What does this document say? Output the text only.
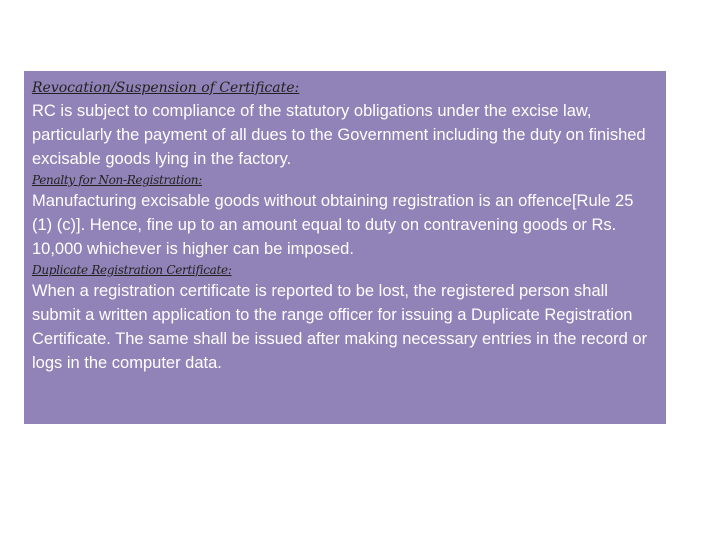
Revocation/Suspension of Certificate:

RC is subject to compliance of the statutory obligations under the excise law, particularly the payment of all dues to the Government including the duty on finished excisable goods lying in the factory.

Penalty for Non-Registration:

Manufacturing excisable goods without obtaining registration is an offence[Rule 25 (1) (c)]. Hence, fine up to an amount equal to duty on contravening goods or Rs. 10,000 whichever is higher can be imposed.

Duplicate Registration Certificate:

When a registration certificate is reported to be lost, the registered person shall submit a written application to the range officer for issuing a Duplicate Registration Certificate. The same shall be issued after making necessary entries in the record or logs in the computer data.
